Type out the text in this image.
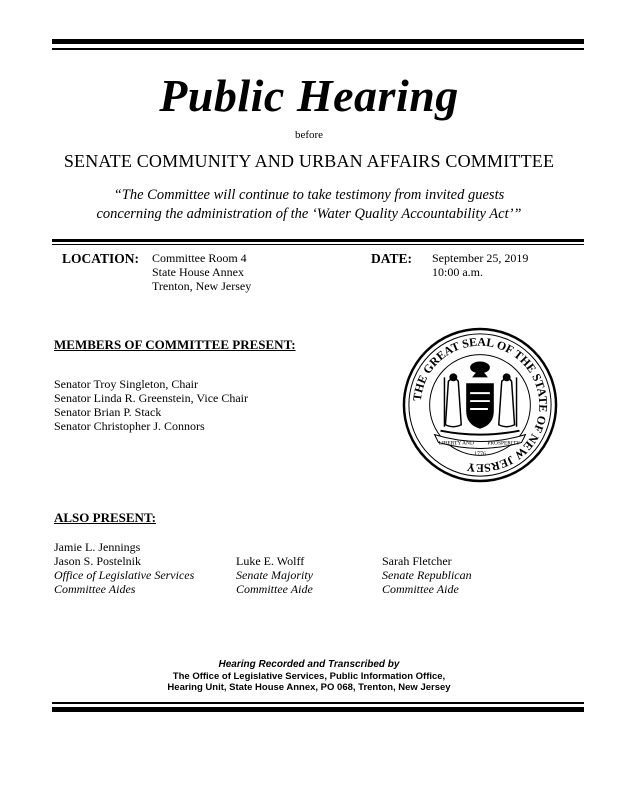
Public Hearing
before
SENATE COMMUNITY AND URBAN AFFAIRS COMMITTEE
“The Committee will continue to take testimony from invited guests
concerning the administration of the ‘Water Quality Accountability Act’”
LOCATION: Committee Room 4
State House Annex
Trenton, New Jersey
DATE: September 25, 2019
10:00 a.m.
MEMBERS OF COMMITTEE PRESENT:
Senator Troy Singleton, Chair
Senator Linda R. Greenstein, Vice Chair
Senator Brian P. Stack
Senator Christopher J. Connors
THE GREAT SEAL OF THE STATE OF NEW JERSEY
LIBERTY AND PROSPERITY
1776
ALSO PRESENT:
Jamie L. Jennings
Jason S. Postelnik
Office of Legislative Services
Committee Aides
Luke E. Wolff
Senate Majority
Committee Aide
Sarah Fletcher
Senate Republican
Committee Aide
Hearing Recorded and Transcribed by
The Office of Legislative Services, Public Information Office,
Hearing Unit, State House Annex, PO 068, Trenton, New Jersey
